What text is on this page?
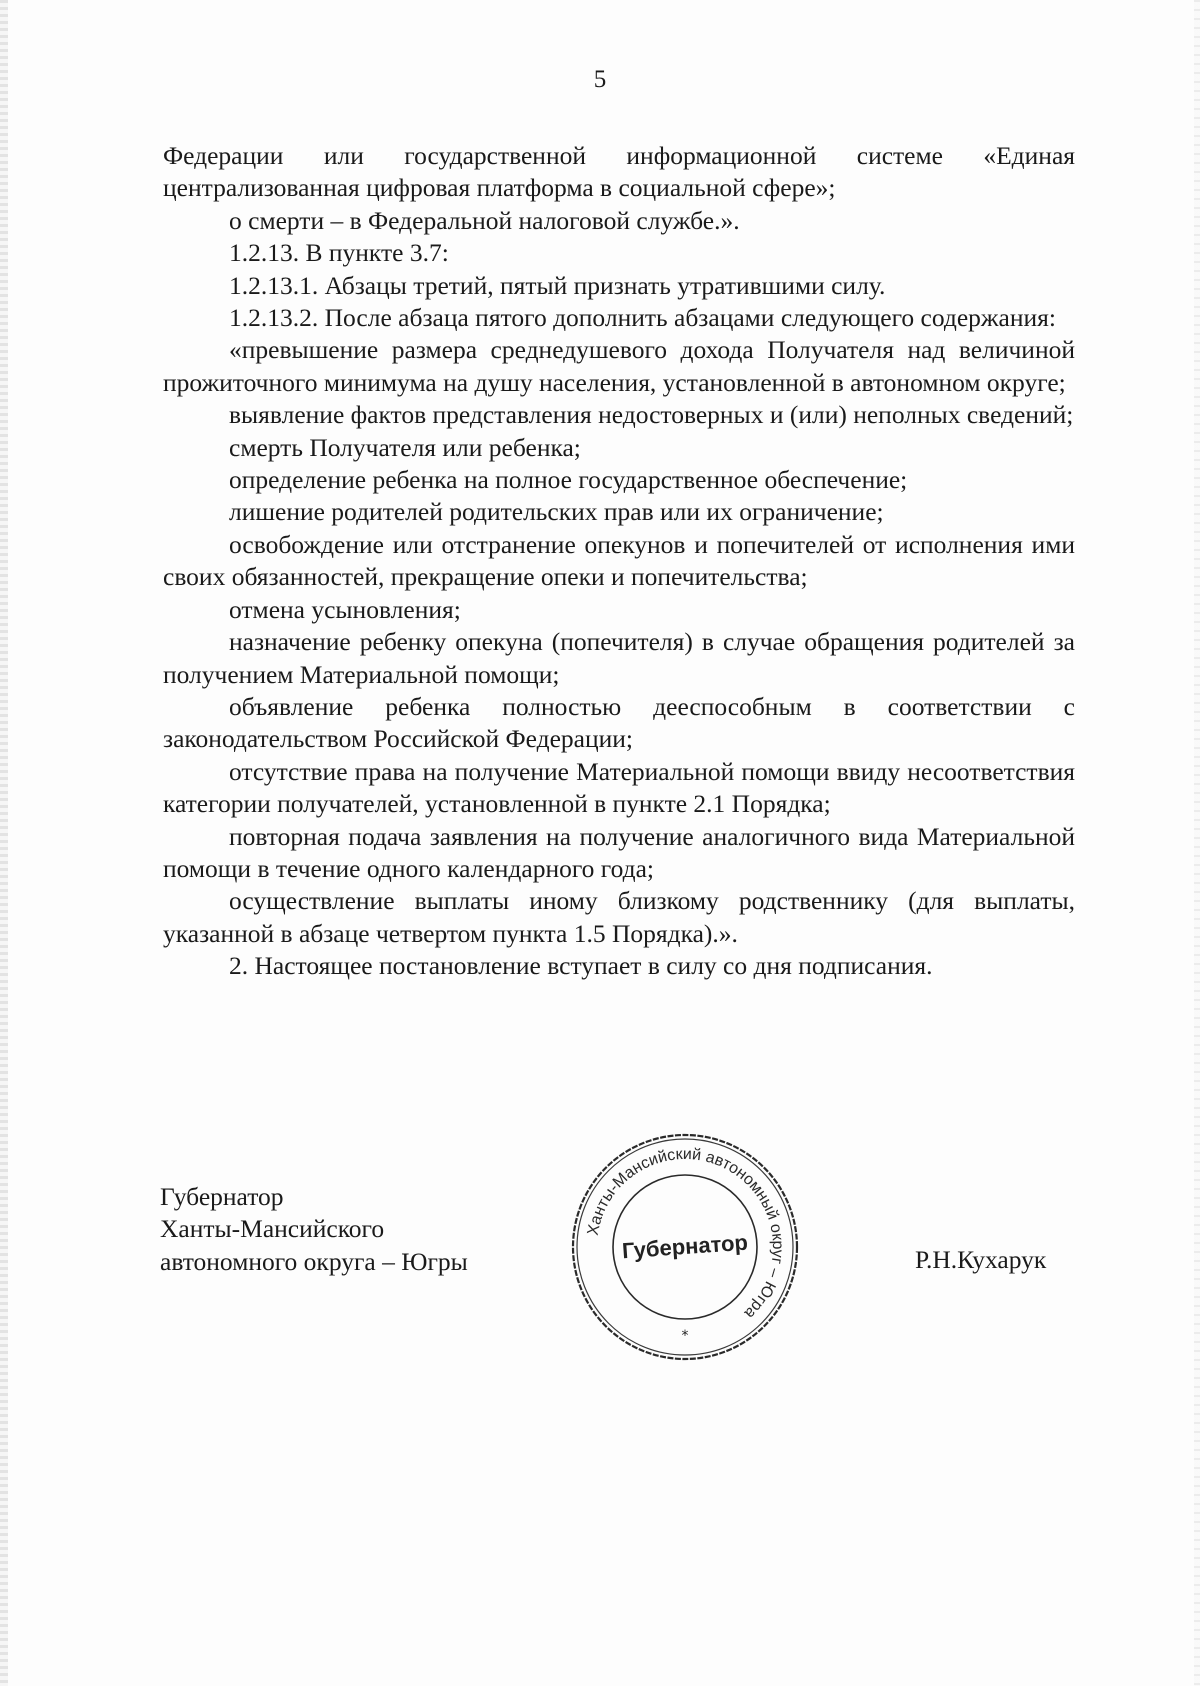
5

Федерации или государственной информационной системе «Единая централизованная цифровая платформа в социальной сфере»;

о смерти – в Федеральной налоговой службе.».

1.2.13. В пункте 3.7:

1.2.13.1. Абзацы третий, пятый признать утратившими силу.

1.2.13.2. После абзаца пятого дополнить абзацами следующего содержания:

«превышение размера среднедушевого дохода Получателя над величиной прожиточного минимума на душу населения, установленной в автономном округе;

выявление фактов представления недостоверных и (или) неполных сведений;

смерть Получателя или ребенка;

определение ребенка на полное государственное обеспечение;

лишение родителей родительских прав или их ограничение;

освобождение или отстранение опекунов и попечителей от исполнения ими своих обязанностей, прекращение опеки и попечительства;

отмена усыновления;

назначение ребенку опекуна (попечителя) в случае обращения родителей за получением Материальной помощи;

объявление ребенка полностью дееспособным в соответствии с законодательством Российской Федерации;

отсутствие права на получение Материальной помощи ввиду несоответствия категории получателей, установленной в пункте 2.1 Порядка;

повторная подача заявления на получение аналогичного вида Материальной помощи в течение одного календарного года;

осуществление выплаты иному близкому родственнику (для выплаты, указанной в абзаце четвертом пункта 1.5 Порядка).».

2. Настоящее постановление вступает в силу со дня подписания.

Губернатор
Ханты-Мансийского
автономного округа – Югры
Ханты-Мансийский автономный округ – Югра
Губернатор
*
Р.Н.Кухарук
